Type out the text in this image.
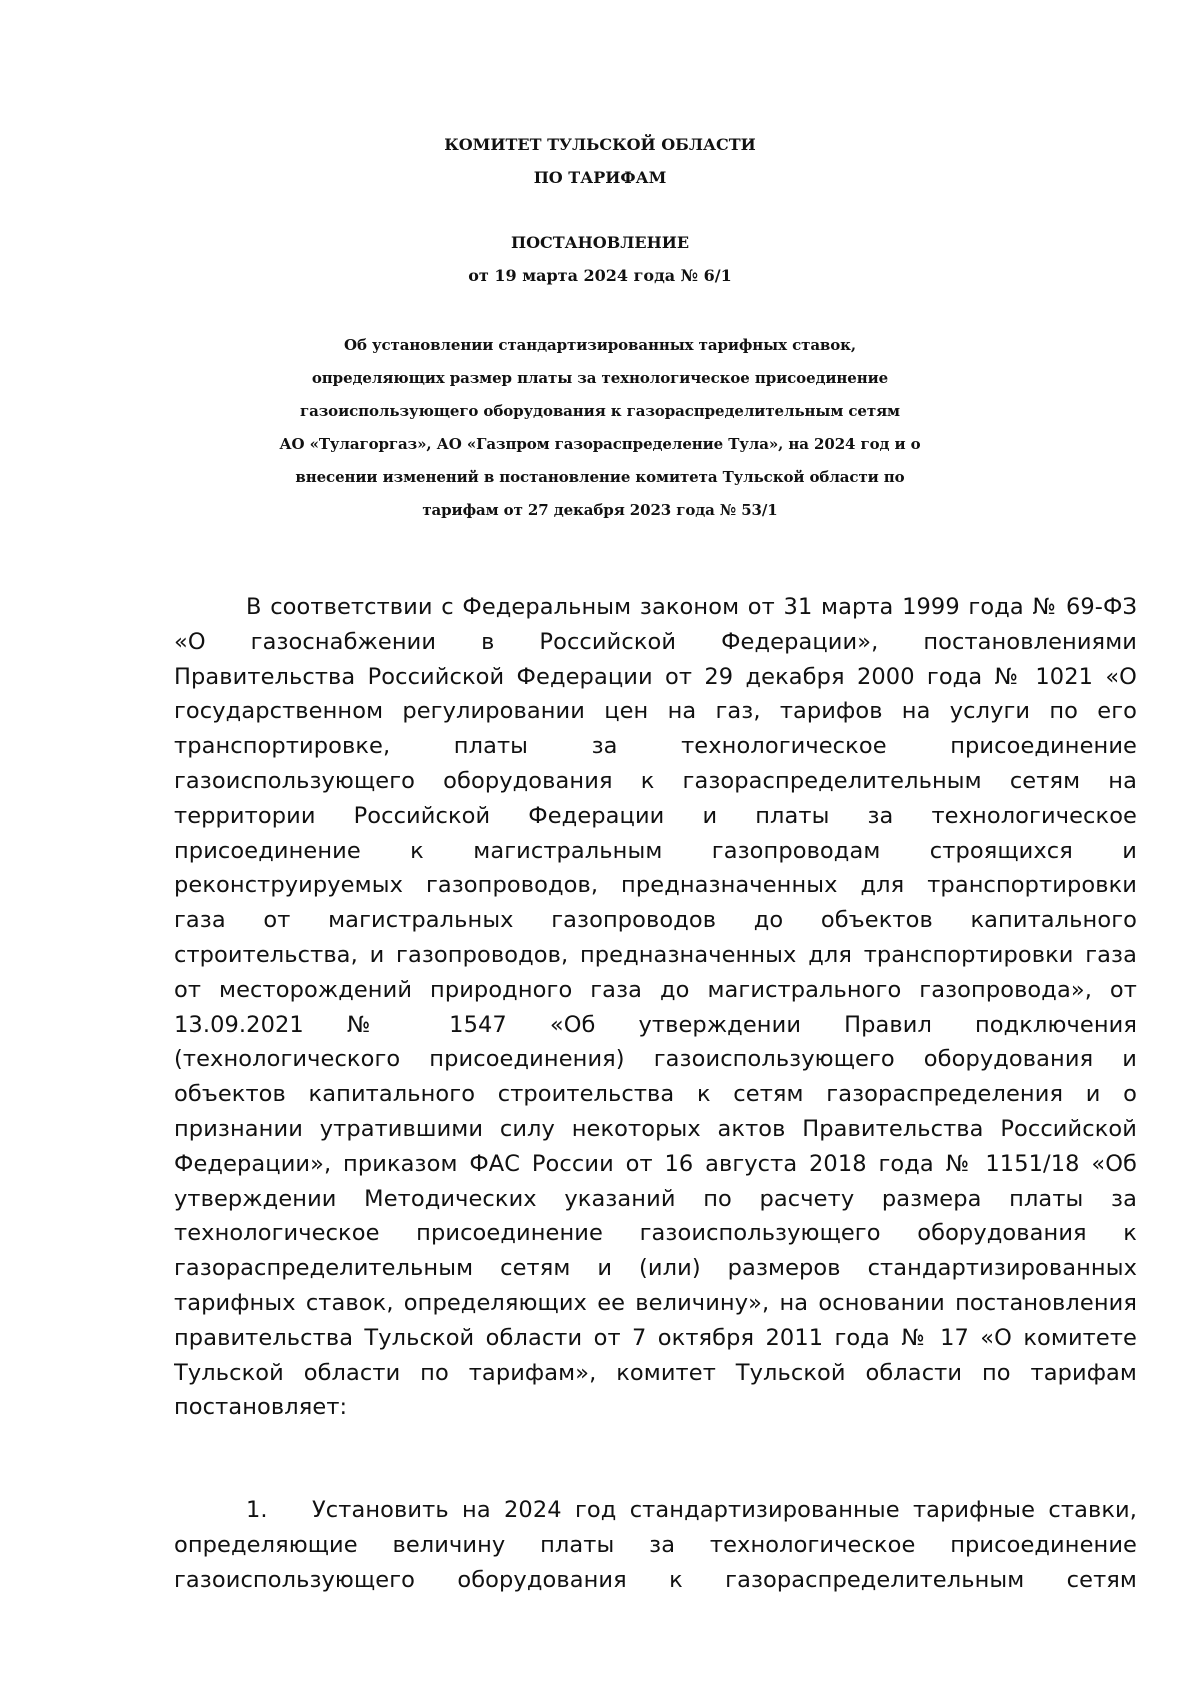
КОМИТЕТ ТУЛЬСКОЙ ОБЛАСТИ
ПО ТАРИФАМ
ПОСТАНОВЛЕНИЕ
от 19 марта 2024 года № 6/1
Об установлении стандартизированных тарифных ставок,
определяющих размер платы за технологическое присоединение
газоиспользующего оборудования к газораспределительным сетям
АО «Тулагоргаз», АО «Газпром газораспределение Тула», на 2024 год и о
внесении изменений в постановление комитета Тульской области по
тарифам от 27 декабря 2023 года № 53/1
В соответствии с Федеральным законом от 31 марта 1999 года № 69-ФЗ
«О газоснабжении в Российской Федерации», постановлениями
Правительства Российской Федерации от 29 декабря 2000 года № 1021 «О
государственном регулировании цен на газ, тарифов на услуги по его
транспортировке, платы за технологическое присоединение
газоиспользующего оборудования к газораспределительным сетям на
территории Российской Федерации и платы за технологическое
присоединение к магистральным газопроводам строящихся и
реконструируемых газопроводов, предназначенных для транспортировки
газа от магистральных газопроводов до объектов капитального
строительства, и газопроводов, предназначенных для транспортировки газа
от месторождений природного газа до магистрального газопровода», от
13.09.2021 № 1547 «Об утверждении Правил подключения
(технологического присоединения) газоиспользующего оборудования и
объектов капитального строительства к сетям газораспределения и о
признании утратившими силу некоторых актов Правительства Российской
Федерации», приказом ФАС России от 16 августа 2018 года № 1151/18 «Об
утверждении Методических указаний по расчету размера платы за
технологическое присоединение газоиспользующего оборудования к
газораспределительным сетям и (или) размеров стандартизированных
тарифных ставок, определяющих ее величину», на основании постановления
правительства Тульской области от 7 октября 2011 года № 17 «О комитете
Тульской области по тарифам», комитет Тульской области по тарифам
постановляет:
1. Установить на 2024 год стандартизированные тарифные ставки,
определяющие величину платы за технологическое присоединение
газоиспользующего оборудования к газораспределительным сетям
